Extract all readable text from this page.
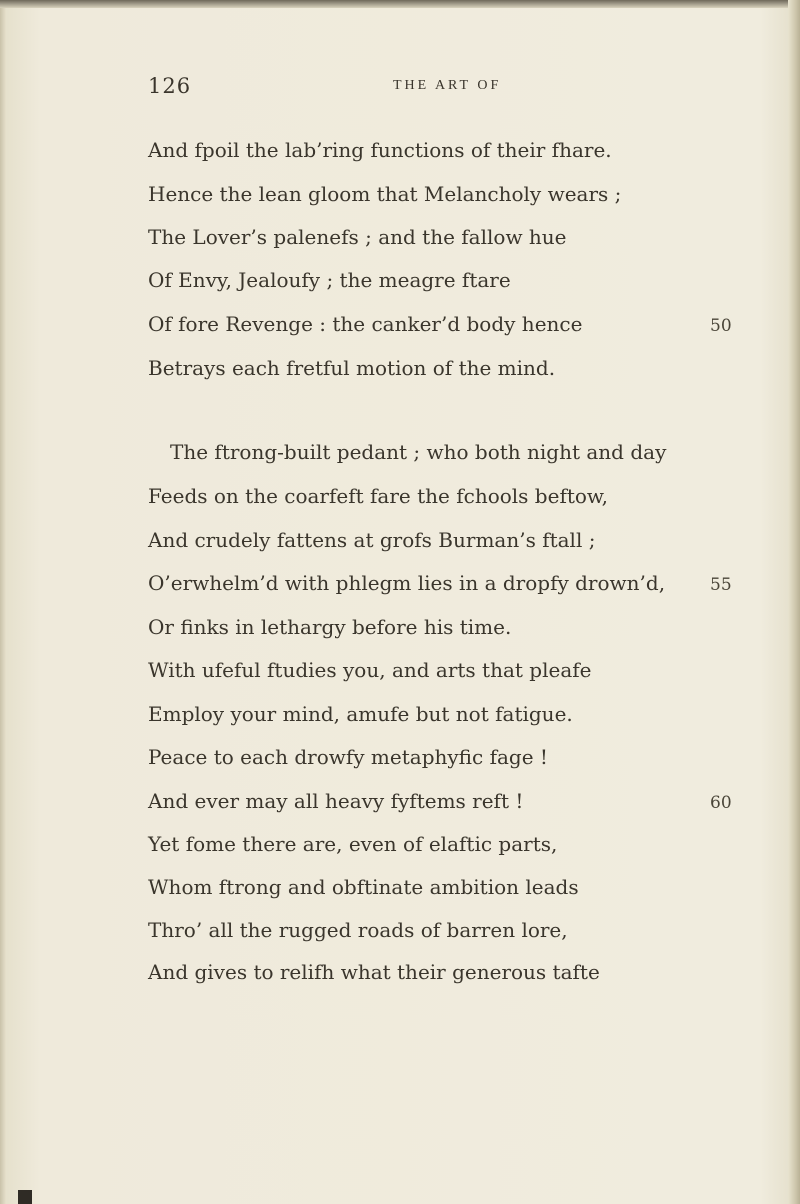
126	THE ART OF
And fpoil the lab’ring functions of their fhare.
Hence the lean gloom that Melancholy wears ;
The Lover’s palenefs ; and the fallow hue
Of Envy, Jealoufy ; the meagre ftare
Of fore Revenge : the canker’d body hence
Betrays each fretful motion of the mind.
The ftrong-built pedant ; who both night and day
Feeds on the coarfeft fare the fchools beftow,
And crudely fattens at grofs Burman’s ftall ;
O’erwhelm’d with phlegm lies in a dropfy drown’d,
Or finks in lethargy before his time.
With ufeful ftudies you, and arts that pleafe
Employ your mind, amufe but not fatigue.
Peace to each drowfy metaphyfic fage !
And ever may all heavy fyftems reft !
Yet fome there are, even of elaftic parts,
Whom ftrong and obftinate ambition leads
Thro’ all the rugged roads of barren lore,
And gives to relifh what their generous tafte
50
55
60
